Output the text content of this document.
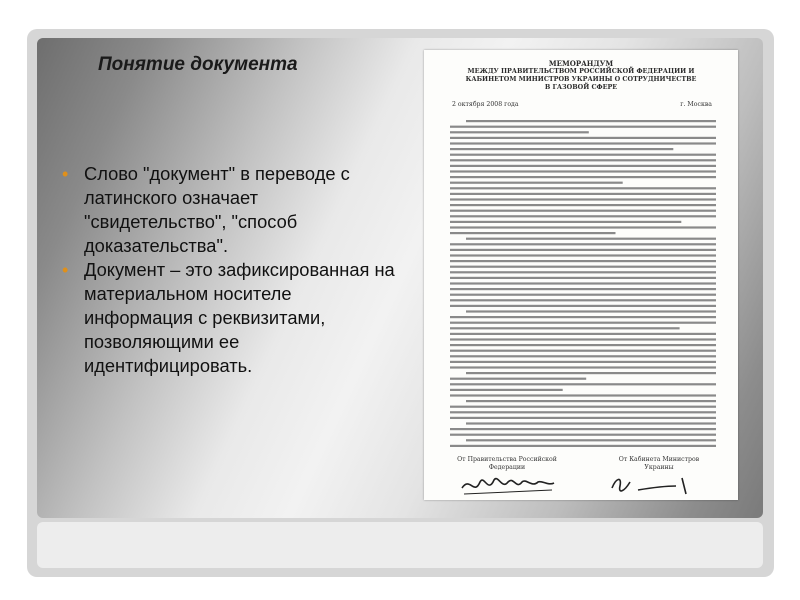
Понятие документа
• Слово "документ" в переводе с латинского означает "свидетельство", "способ доказательства".
• Документ – это зафиксированная на материальном носителе информация с реквизитами, позволяющими ее идентифицировать.
МЕМОРАНДУМ
МЕЖДУ ПРАВИТЕЛЬСТВОМ РОССИЙСКОЙ ФЕДЕРАЦИИ И
КАБИНЕТОМ МИНИСТРОВ УКРАИНЫ О СОТРУДНИЧЕСТВЕ
В ГАЗОВОЙ СФЕРЕ
2 октября 2008 года	г. Москва
От Правительства Российской Федерации
От Кабинета Министров Украины
